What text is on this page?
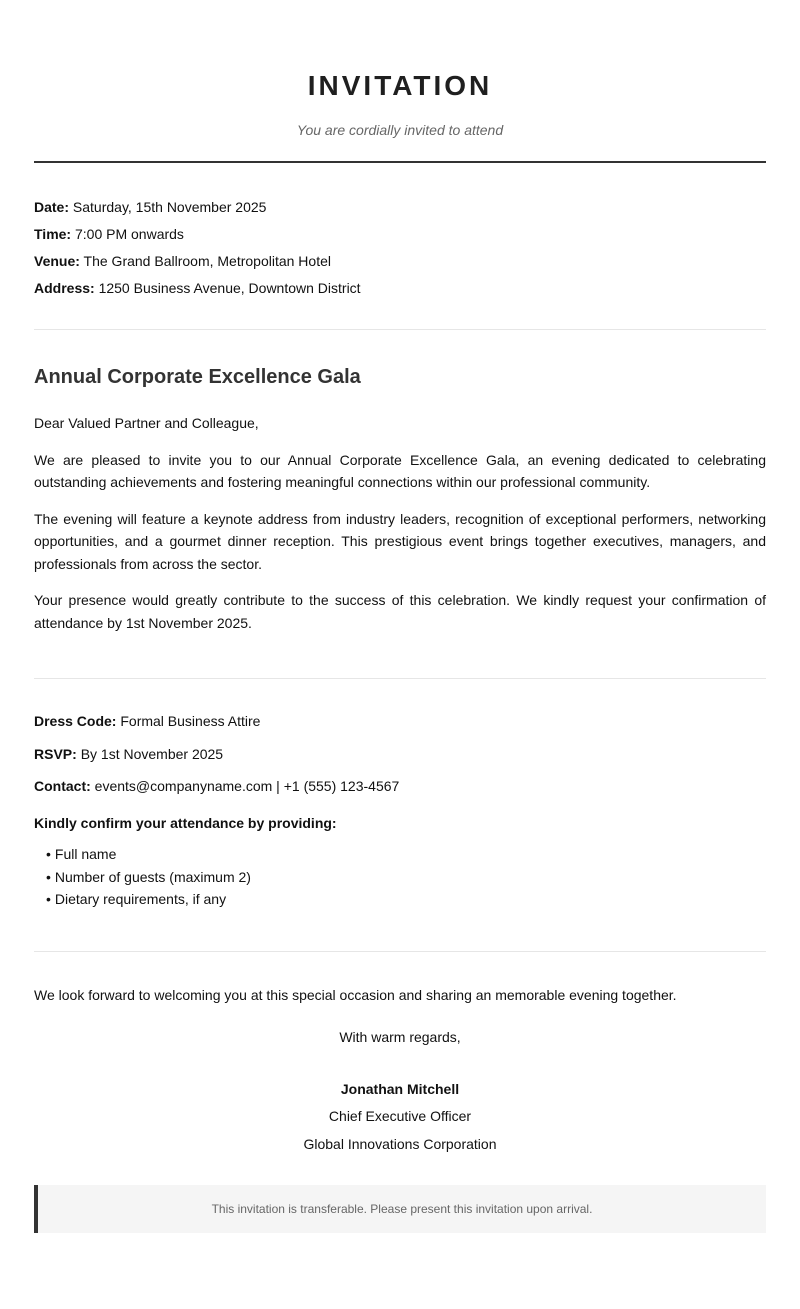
INVITATION
You are cordially invited to attend
Date: Saturday, 15th November 2025
Time: 7:00 PM onwards
Venue: The Grand Ballroom, Metropolitan Hotel
Address: 1250 Business Avenue, Downtown District
Annual Corporate Excellence Gala

Dear Valued Partner and Colleague,

We are pleased to invite you to our Annual Corporate Excellence Gala, an evening dedicated to celebrating outstanding achievements and fostering meaningful connections within our professional community.

The evening will feature a keynote address from industry leaders, recognition of exceptional performers, networking opportunities, and a gourmet dinner reception. This prestigious event brings together executives, managers, and professionals from across the sector.

Your presence would greatly contribute to the success of this celebration. We kindly request your confirmation of attendance by 1st November 2025.

Dress Code: Formal Business Attire
RSVP: By 1st November 2025
Contact: events@companyname.com | +1 (555) 123-4567
Kindly confirm your attendance by providing:
• Full name
• Number of guests (maximum 2)
• Dietary requirements, if any
We look forward to welcoming you at this special occasion and sharing an memorable evening together.
With warm regards,
Jonathan Mitchell
Chief Executive Officer
Global Innovations Corporation
This invitation is transferable. Please present this invitation upon arrival.
